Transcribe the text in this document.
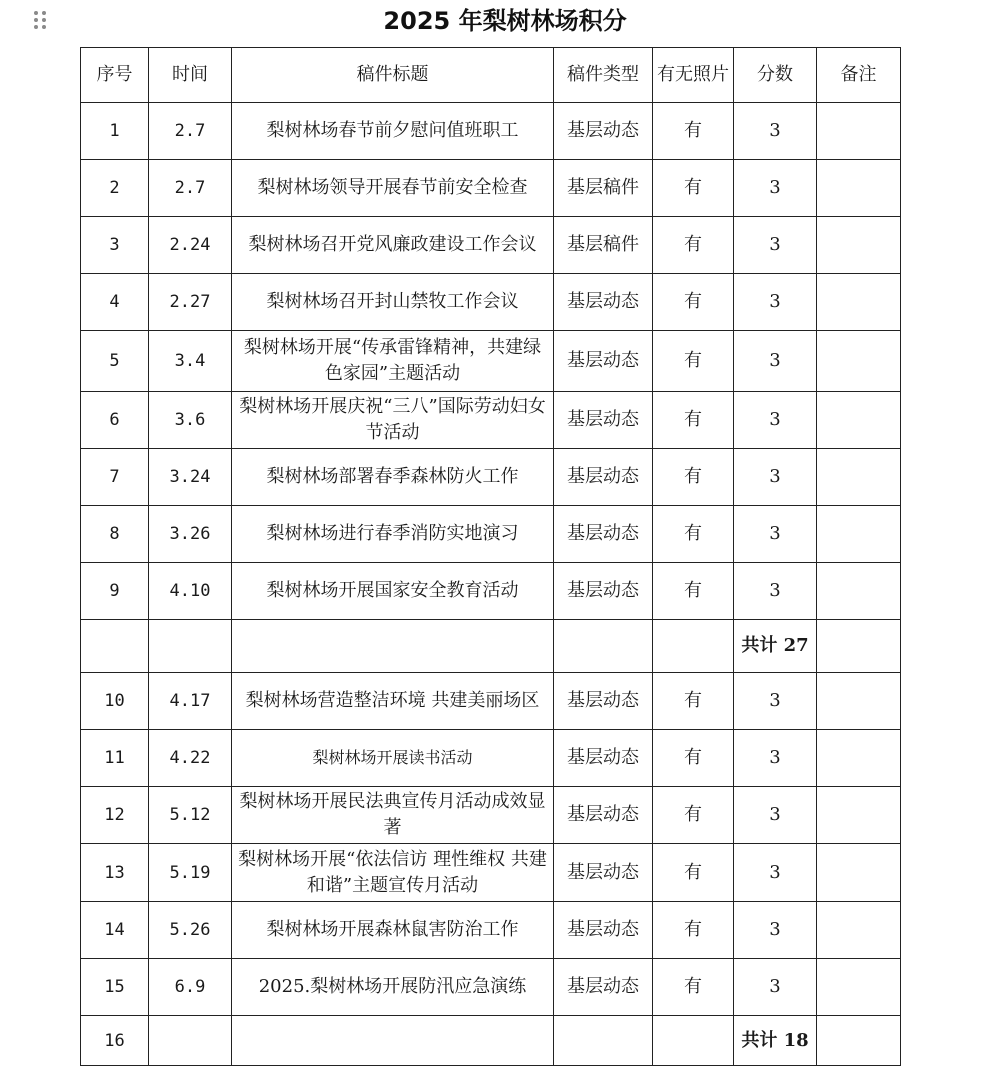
2025 年梨树林场积分
序号	时间	稿件标题	稿件类型	有无照片	分数	备注
1	2.7	梨树林场春节前夕慰问值班职工	基层动态	有	3	
2	2.7	梨树林场领导开展春节前安全检查	基层稿件	有	3	
3	2.24	梨树林场召开党风廉政建设工作会议	基层稿件	有	3	
4	2.27	梨树林场召开封山禁牧工作会议	基层动态	有	3	
5	3.4	梨树林场开展“传承雷锋精神，共建绿色家园”主题活动	基层动态	有	3	
6	3.6	梨树林场开展庆祝“三八”国际劳动妇女节活动	基层动态	有	3	
7	3.24	梨树林场部署春季森林防火工作	基层动态	有	3	
8	3.26	梨树林场进行春季消防实地演习	基层动态	有	3	
9	4.10	梨树林场开展国家安全教育活动	基层动态	有	3	
					共计 27	
10	4.17	梨树林场营造整洁环境 共建美丽场区	基层动态	有	3	
11	4.22	梨树林场开展读书活动	基层动态	有	3	
12	5.12	梨树林场开展民法典宣传月活动成效显著	基层动态	有	3	
13	5.19	梨树林场开展“依法信访 理性维权 共建和谐”主题宣传月活动	基层动态	有	3	
14	5.26	梨树林场开展森林鼠害防治工作	基层动态	有	3	
15	6.9	2025.梨树林场开展防汛应急演练	基层动态	有	3	
16					共计 18	
